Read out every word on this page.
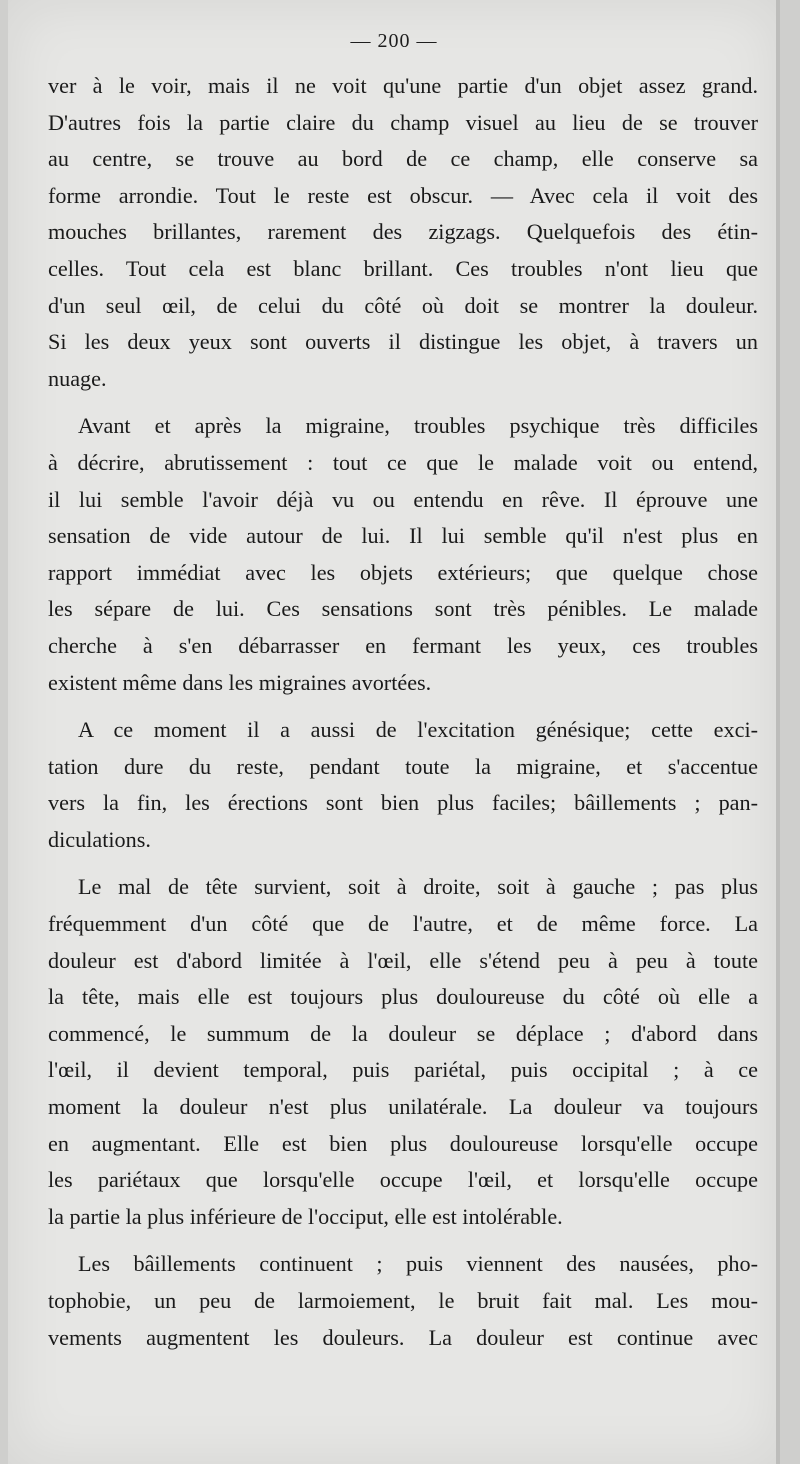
— 200 —
ver à le voir, mais il ne voit qu'une partie d'un objet assez grand.
D'autres fois la partie claire du champ visuel au lieu de se trouver
au centre, se trouve au bord de ce champ, elle conserve sa
forme arrondie. Tout le reste est obscur. — Avec cela il voit des
mouches brillantes, rarement des zigzags. Quelquefois des étin-
celles. Tout cela est blanc brillant. Ces troubles n'ont lieu que
d'un seul œil, de celui du côté où doit se montrer la douleur.
Si les deux yeux sont ouverts il distingue les objet, à travers un
nuage.
Avant et après la migraine, troubles psychique très difficiles
à décrire, abrutissement : tout ce que le malade voit ou entend,
il lui semble l'avoir déjà vu ou entendu en rêve. Il éprouve une
sensation de vide autour de lui. Il lui semble qu'il n'est plus en
rapport immédiat avec les objets extérieurs; que quelque chose
les sépare de lui. Ces sensations sont très pénibles. Le malade
cherche à s'en débarrasser en fermant les yeux, ces troubles
existent même dans les migraines avortées.
A ce moment il a aussi de l'excitation génésique; cette exci-
tation dure du reste, pendant toute la migraine, et s'accentue
vers la fin, les érections sont bien plus faciles; bâillements ; pan-
diculations.
Le mal de tête survient, soit à droite, soit à gauche ; pas plus
fréquemment d'un côté que de l'autre, et de même force. La
douleur est d'abord limitée à l'œil, elle s'étend peu à peu à toute
la tête, mais elle est toujours plus douloureuse du côté où elle a
commencé, le summum de la douleur se déplace ; d'abord dans
l'œil, il devient temporal, puis pariétal, puis occipital ; à ce
moment la douleur n'est plus unilatérale. La douleur va toujours
en augmentant. Elle est bien plus douloureuse lorsqu'elle occupe
les pariétaux que lorsqu'elle occupe l'œil, et lorsqu'elle occupe
la partie la plus inférieure de l'occiput, elle est intolérable.
Les bâillements continuent ; puis viennent des nausées, pho-
tophobie, un peu de larmoiement, le bruit fait mal. Les mou-
vements augmentent les douleurs. La douleur est continue avec
